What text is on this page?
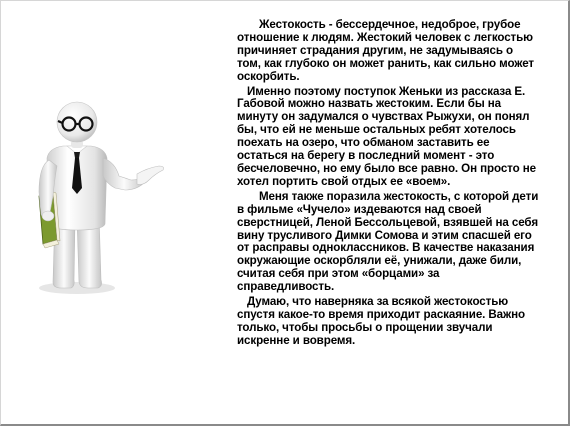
Жестокость - бессердечное, недоброе, грубое отношение к людям. Жестокий человек с легкостью причиняет страдания другим, не задумываясь о том, как глубоко он может ранить, как сильно может оскорбить.

Именно поэтому поступок Женьки из рассказа Е. Габовой можно назвать жестоким. Если бы на минуту он задумался о чувствах Рыжухи, он понял бы, что ей не меньше остальных ребят хотелось поехать на озеро, что обманом заставить ее остаться на берегу в последний момент - это бесчеловечно, но ему было все равно. Он просто не хотел портить свой отдых ее «воем».

Меня также поразила жестокость, с которой дети в фильме «Чучело» издеваются над своей сверстницей, Леной Бессольцевой, взявшей на себя вину трусливого Димки Сомова и этим спасшей его от расправы одноклассников. В качестве наказания окружающие оскорбляли её, унижали, даже били, считая себя при этом «борцами» за справедливость.

Думаю, что наверняка за всякой жестокостью спустя какое-то время приходит раскаяние. Важно только, чтобы просьбы о прощении звучали искренне и вовремя.
